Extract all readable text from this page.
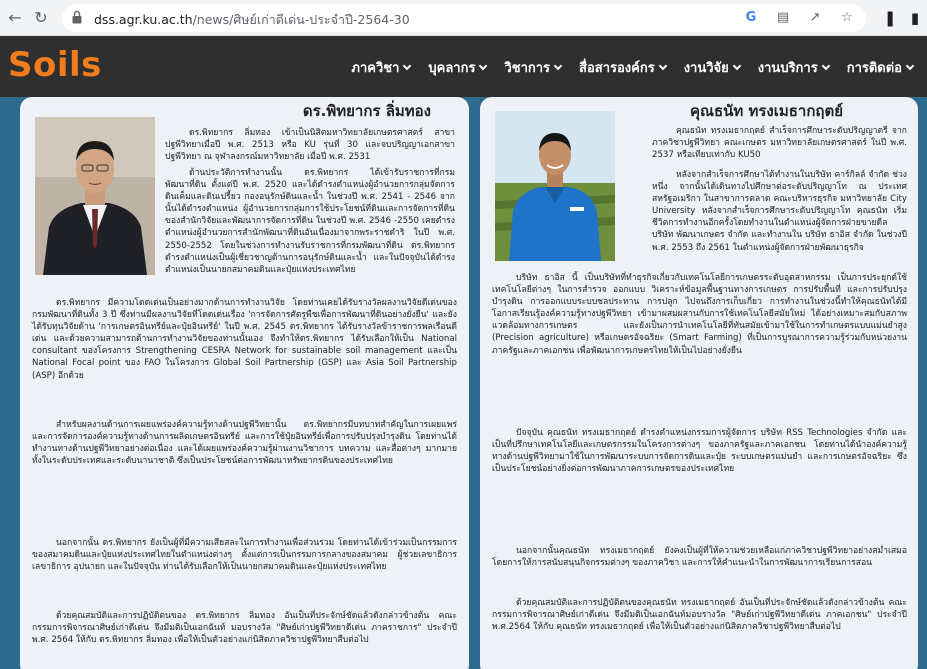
← ↻	dss.agr.ku.ac.th/news/ศิษย์เก่าดีเด่น-ประจำปี-2564-30	G ▤ ↗ ☆ ❚ ▮
Soils	ภาควิชา บุคลากร วิชาการ สื่อสารองค์กร งานวิจัย งานบริการ การติดต่อ
ดร.พิทยากร ลิ่มทอง
ดร.พิทยากร ลิ่มทอง เข้าเป็นนิสิตมหาวิทยาลัยเกษตรศาสตร์ สาขาปฐพีวิทยาเมื่อปี พ.ศ. 2513 หรือ KU รุ่นที่ 30 และจบปริญญาเอกสาขาปฐพีวิทยา ณ จุฬาลงกรณ์มหาวิทยาลัย เมื่อปี พ.ศ. 2531
ด้านประวัติการทำงานนั้น ดร.พิทยากร ได้เข้ารับราชการที่กรมพัฒนาที่ดิน ตั้งแต่ปี พ.ศ. 2520 และได้ดำรงตำแหน่งผู้อำนวยการกลุ่มจัดการดินเค็มและดินเปรี้ยว กองอนุรักษ์ดินและน้ำ ในช่วงปี พ.ศ. 2541 - 2546 จากนั้นได้ดำรงตำแหน่ง ผู้อำนวยการกลุ่มการใช้ประโยชน์ที่ดินและการจัดการที่ดิน ของสำนักวิจัยและพัฒนาการจัดการที่ดิน ในช่วงปี พ.ศ. 2546 -2550 เคยดำรงตำแหน่งผู้อำนวยการสำนักพัฒนาที่ดินอันเนื่องมาจากพระราชดำริ ในปี พ.ศ. 2550-2552 โดยในช่วงการทำงานรับราชการที่กรมพัฒนาที่ดิน ดร.พิทยากร ดำรงตำแหน่งเป็นผู้เชี่ยวชาญด้านการอนุรักษ์ดินและน้ำ และในปัจจุบันได้ดำรงตำแหน่งเป็นนายกสมาคมดินและปุ๋ยแห่งประเทศไทย
ดร.พิทยากร มีความโดดเด่นเป็นอย่างมากด้านการทำงานวิจัย โดยท่านเคยได้รับรางวัลผลงานวิจัยดีเด่นของกรมพัฒนาที่ดินทั้ง 3 ปี ซึ่งท่านมีผลงานวิจัยที่โดดเด่นเรื่อง 'การจัดการศัตรูพืชเพื่อการพัฒนาที่ดินอย่างยั่งยืน' และยังได้รับทุนวิจัยด้าน 'การเกษตรอินทรีย์และปุ๋ยอินทรีย์' ในปี พ.ศ. 2545 ดร.พิทยากร ได้รับรางวัลข้าราชการพลเรือนดีเด่น และด้วยความสามารถด้านการทำงานวิจัยของท่านนั้นเอง จึงทำให้ดร.พิทยากร ได้รับเลือกให้เป็น National consultant ของโครงการ Strengthening CESRA Network for sustainable soil management และเป็น National Focal point ของ FAO ในโครงการ Global Soil Partnership (GSP) และ Asia Soil Partnership (ASP) อีกด้วย
สำหรับผลงานด้านการเผยแพร่องค์ความรู้ทางด้านปฐพีวิทยานั้น ดร.พิทยากรมีบทบาทสำคัญในการเผยแพร่และการจัดการองค์ความรู้ทางด้านการผลิตเกษตรอินทรีย์ และการใช้ปุ๋ยอินทรีย์เพื่อการปรับปรุงบำรุงดิน โดยท่านได้ทำงานทางด้านปฐพีวิทยาอย่างต่อเนื่อง และได้เผยแพร่องค์ความรู้ผ่านงานวิชาการ บทความ และสื่อต่างๆ มากมาย ทั้งในระดับประเทศและระดับนานาชาติ ซึ่งเป็นประโยชน์ต่อการพัฒนาทรัพยากรดินของประเทศไทย
นอกจากนั้น ดร.พิทยากร ยังเป็นผู้ที่มีความเสียสละในการทำงานเพื่อส่วนรวม โดยท่านได้เข้าร่วมเป็นกรรมการของสมาคมดินและปุ๋ยแห่งประเทศไทยในตำแหน่งต่างๆ ตั้งแต่การเป็นกรรมการกลางของสมาคม ผู้ช่วยเลขาธิการ เลขาธิการ อุปนายก และในปัจจุบัน ท่านได้รับเลือกให้เป็นนายกสมาคมดินและปุ๋ยแห่งประเทศไทย
ด้วยคุณสมบัติและการปฏิบัติตนของ ดร.พิทยากร ลิ่มทอง อันเป็นที่ประจักษ์ชัดแล้วดังกล่าวข้างต้น คณะกรรมการพิจารณาศิษย์เก่าดีเด่น จึงมีมติเป็นเอกฉันท์ มอบรางวัล "ศิษย์เก่าปฐพีวิทยาดีเด่น ภาคราชการ" ประจำปี พ.ศ. 2564 ให้กับ ดร.พิทยากร ลิ่มทอง เพื่อให้เป็นตัวอย่างแก่นิสิตภาควิชาปฐพีวิทยาสืบต่อไป
คุณธนัท ทรงเมธากฤตย์
คุณธนัท ทรงเมธากฤตย์ สำเร็จการศึกษาระดับปริญญาตรี จากภาควิชาปฐพีวิทยา คณะเกษตร มหาวิทยาลัยเกษตรศาสตร์ ในปี พ.ศ. 2537 หรือเทียบเท่ากับ KU50
หลังจากสำเร็จการศึกษาได้ทำงานในบริษัท คาร์กิลล์ จำกัด ช่วงหนึ่ง จากนั้นได้เดินทางไปศึกษาต่อระดับปริญญาโท ณ ประเทศสหรัฐอเมริกา ในสาขาการตลาด คณะบริหารธุรกิจ มหาวิทยาลัย City University หลังจากสำเร็จการศึกษาระดับปริญญาโท คุณธนัท เริ่มชีวิตการทำงานอีกครั้งโดยทำงานในตำแหน่งผู้จัดการฝ่ายขายดีล บริษัท พัฒนาเกษตร จำกัด และทำงานใน บริษัท ธาอิส จำกัด ในช่วงปี พ.ศ. 2553 ถึง 2561 ในตำแหน่งผู้จัดการฝ่ายพัฒนาธุรกิจ
บริษัท ธาอิส นี้ เป็นบริษัทที่ทำธุรกิจเกี่ยวกับเทคโนโลยีการเกษตรระดับอุตสาหกรรม เป็นการประยุกต์ใช้เทคโนโลยีต่างๆ ในการสำรวจ ออกแบบ วิเคราะห์ข้อมูลพื้นฐานทางการเกษตร การปรับพื้นที่ และการปรับปรุงบำรุงดิน การออกแบบระบบชลประทาน การปลูก ไปจนถึงการเก็บเกี่ยว การทำงานในช่วงนี้ทำให้คุณธนัทได้มีโอกาสเรียนรู้องค์ความรู้ทางปฐพีวิทยา เข้ามาผสมผสานกับการใช้เทคโนโลยีสมัยใหม่ ได้อย่างเหมาะสมกับสภาพแวดล้อมทางการเกษตร และยังเป็นการนำเทคโนโลยีที่ทันสมัยเข้ามาใช้ในการทำเกษตรแบบแม่นยำสูง (Precision agriculture) หรือเกษตรอัจฉริยะ (Smart Farming) ที่เป็นการบูรณาการความรู้ร่วมกับหน่วยงานภาครัฐและภาคเอกชน เพื่อพัฒนาการเกษตรไทยให้เป็นไปอย่างยั่งยืน
ปัจจุบัน คุณธนัท ทรงเมธากฤตย์ ดำรงตำแหน่งกรรมการผู้จัดการ บริษัท RSS Technologies จำกัด และเป็นที่ปรึกษาเทคโนโลยีและเกษตรกรรมในโครงการต่างๆ ของภาครัฐและภาคเอกชน โดยท่านได้นำองค์ความรู้ทางด้านปฐพีวิทยามาใช้ในการพัฒนาระบบการจัดการดินและปุ๋ย ระบบเกษตรแม่นยำ และการเกษตรอัจฉริยะ ซึ่งเป็นประโยชน์อย่างยิ่งต่อการพัฒนาภาคการเกษตรของประเทศไทย
นอกจากนั้นคุณธนัท ทรงเมธากฤตย์ ยังคงเป็นผู้ที่ให้ความช่วยเหลือแก่ภาควิชาปฐพีวิทยาอย่างสม่ำเสมอ โดยการให้การสนับสนุนกิจกรรมต่างๆ ของภาควิชา และการให้คำแนะนำในการพัฒนาการเรียนการสอน
ด้วยคุณสมบัติและการปฏิบัติตนของคุณธนัท ทรงเมธากฤตย์ อันเป็นที่ประจักษ์ชัดแล้วดังกล่าวข้างต้น คณะกรรมการพิจารณาศิษย์เก่าดีเด่น จึงมีมติเป็นเอกฉันท์มอบรางวัล "ศิษย์เก่าปฐพีวิทยาดีเด่น ภาคเอกชน" ประจำปี พ.ศ.2564 ให้กับ คุณธนัท ทรงเมธากฤตย์ เพื่อให้เป็นตัวอย่างแก่นิสิตภาควิชาปฐพีวิทยาสืบต่อไป
